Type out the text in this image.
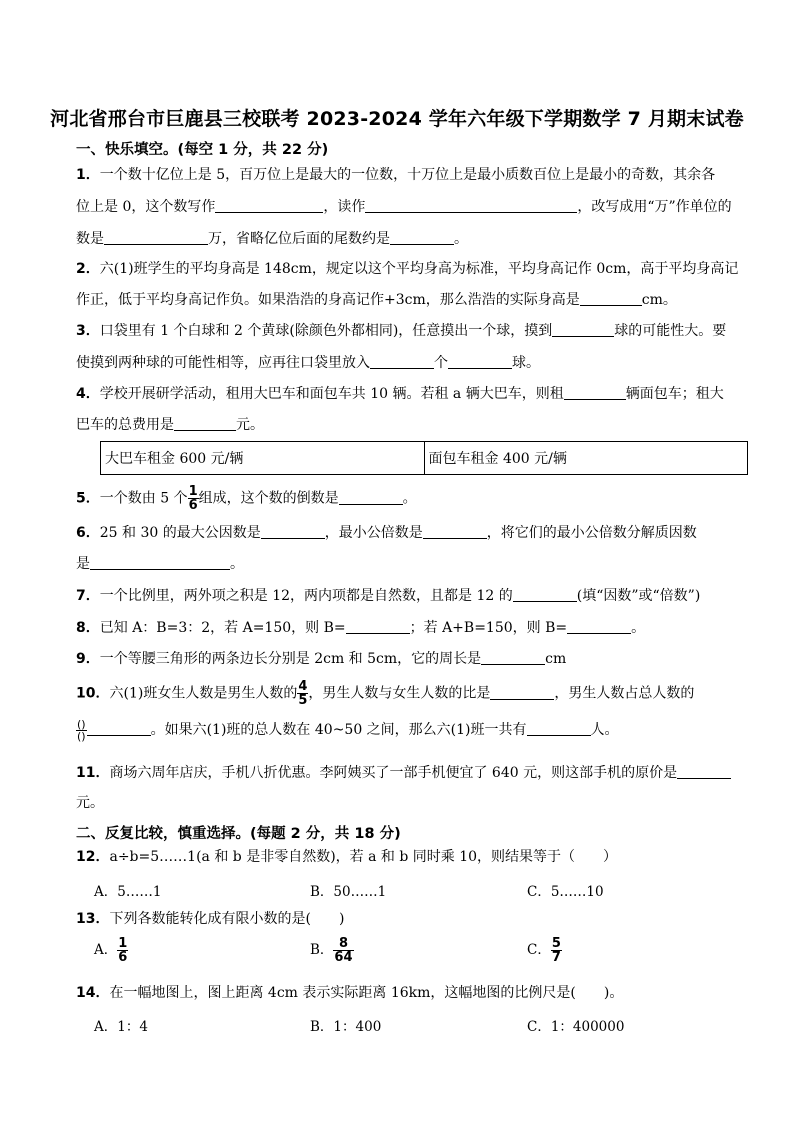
河北省邢台市巨鹿县三校联考 2023-2024 学年六年级下学期数学 7 月期末试卷
一、快乐填空。(每空 1 分，共 22 分)
1．一个数十亿位上是 5，百万位上是最大的一位数，十万位上是最小质数百位上是最小的奇数，其余各
位上是 0，这个数写作	，读作	，改写成用“万”作单位的
数是	万，省略亿位后面的尾数约是	。
2．六(1)班学生的平均身高是 148cm，规定以这个平均身高为标准，平均身高记作 0cm，高于平均身高记
作正，低于平均身高记作负。如果浩浩的身高记作+3cm，那么浩浩的实际身高是	cm。
3．口袋里有 1 个白球和 2 个黄球(除颜色外都相同)，任意摸出一个球，摸到	球的可能性大。要
使摸到两种球的可能性相等，应再往口袋里放入	个	球。
4．学校开展研学活动，租用大巴车和面包车共 10 辆。若租 a 辆大巴车，则租	辆面包车；租大
巴车的总费用是	元。
大巴车租金 600 元/辆	面包车租金 400 元/辆
5．一个数由 5 个 $\frac{1}{6}$ 组成，这个数的倒数是	。
6．25 和 30 的最大公因数是	，最小公倍数是	，将它们的最小公倍数分解质因数
是	。
7．一个比例里，两外项之积是 12，两内项都是自然数，且都是 12 的	(填“因数”或“倍数”)
8．已知 A：B=3：2，若 A=150，则 B=	；若 A+B=150，则 B=	。
9．一个等腰三角形的两条边长分别是 2cm 和 5cm，它的周长是	cm
10．六(1)班女生人数是男生人数的 $\frac{4}{5}$ ，男生人数与女生人数的比是	，男生人数占总人数的
$\frac{()}{()}$	。如果六(1)班的总人数在 40~50 之间，那么六(1)班一共有	人。
11．商场六周年店庆，手机八折优惠。李阿姨买了一部手机便宜了 640 元，则这部手机的原价是
元。
二、反复比较，慎重选择。(每题 2 分，共 18 分)
12．a÷b=5……1(a 和 b 是非零自然数)，若 a 和 b 同时乘 10，则结果等于（　　）
A．5……1	B．50……1	C．5……10
13．下列各数能转化成有限小数的是(　　)
A． $\frac{1}{6}$	B． $\frac{8}{64}$	C． $\frac{5}{7}$
14．在一幅地图上，图上距离 4cm 表示实际距离 16km，这幅地图的比例尺是(　　)。
A．1：4	B．1：400	C．1：400000
